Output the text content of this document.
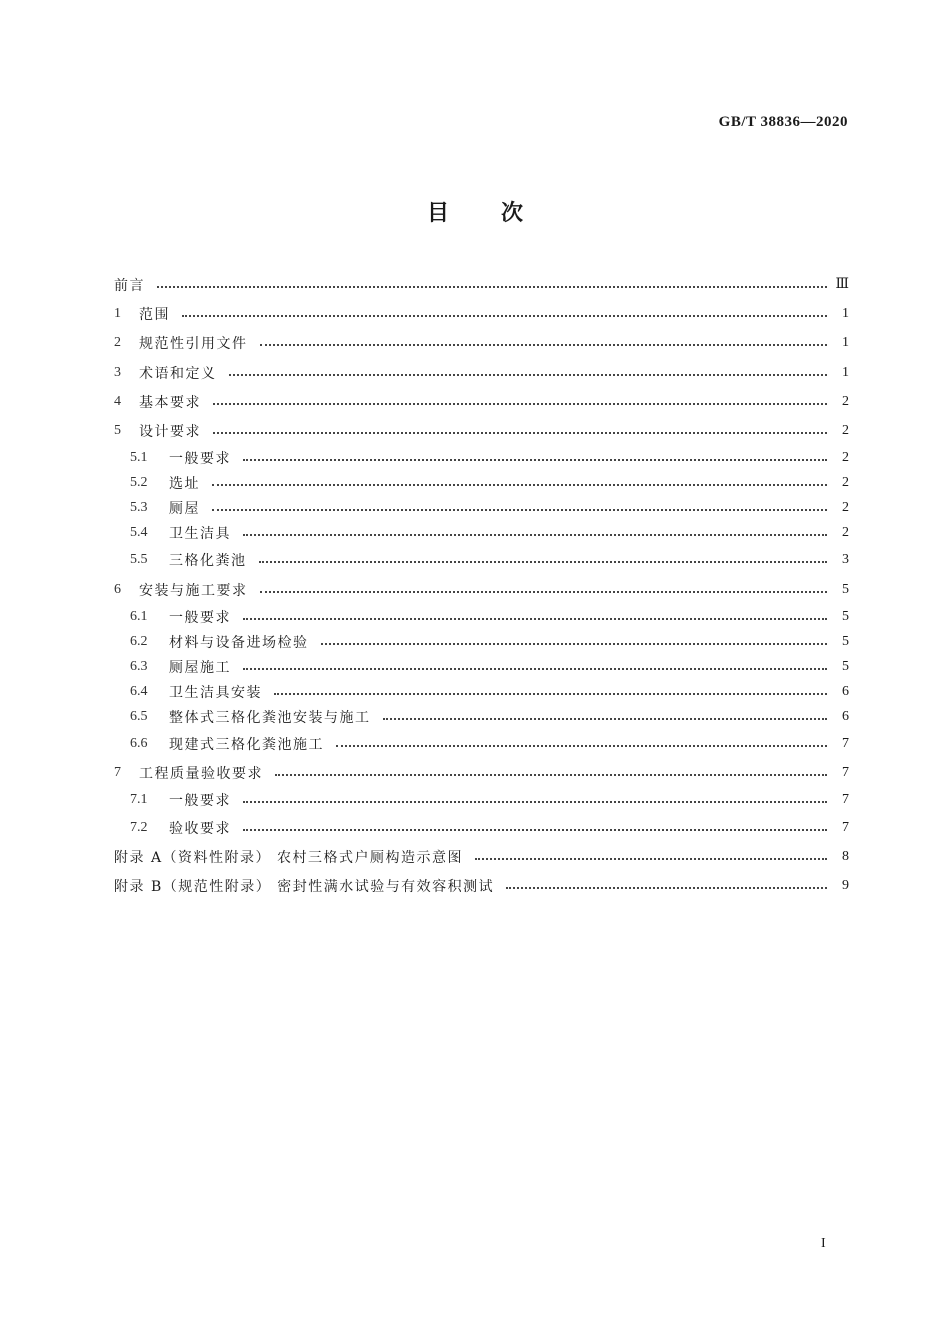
GB/T 38836—2020
目次
前言	Ⅲ
1	范围	1
2	规范性引用文件	1
3	术语和定义	1
4	基本要求	2
5	设计要求	2
5.1	一般要求	2
5.2	选址	2
5.3	厕屋	2
5.4	卫生洁具	2
5.5	三格化粪池	3
6	安装与施工要求	5
6.1	一般要求	5
6.2	材料与设备进场检验	5
6.3	厕屋施工	5
6.4	卫生洁具安装	6
6.5	整体式三格化粪池安装与施工	6
6.6	现建式三格化粪池施工	7
7	工程质量验收要求	7
7.1	一般要求	7
7.2	验收要求	7
附录 A（资料性附录） 农村三格式户厕构造示意图	8
附录 B（规范性附录） 密封性满水试验与有效容积测试	9
I
